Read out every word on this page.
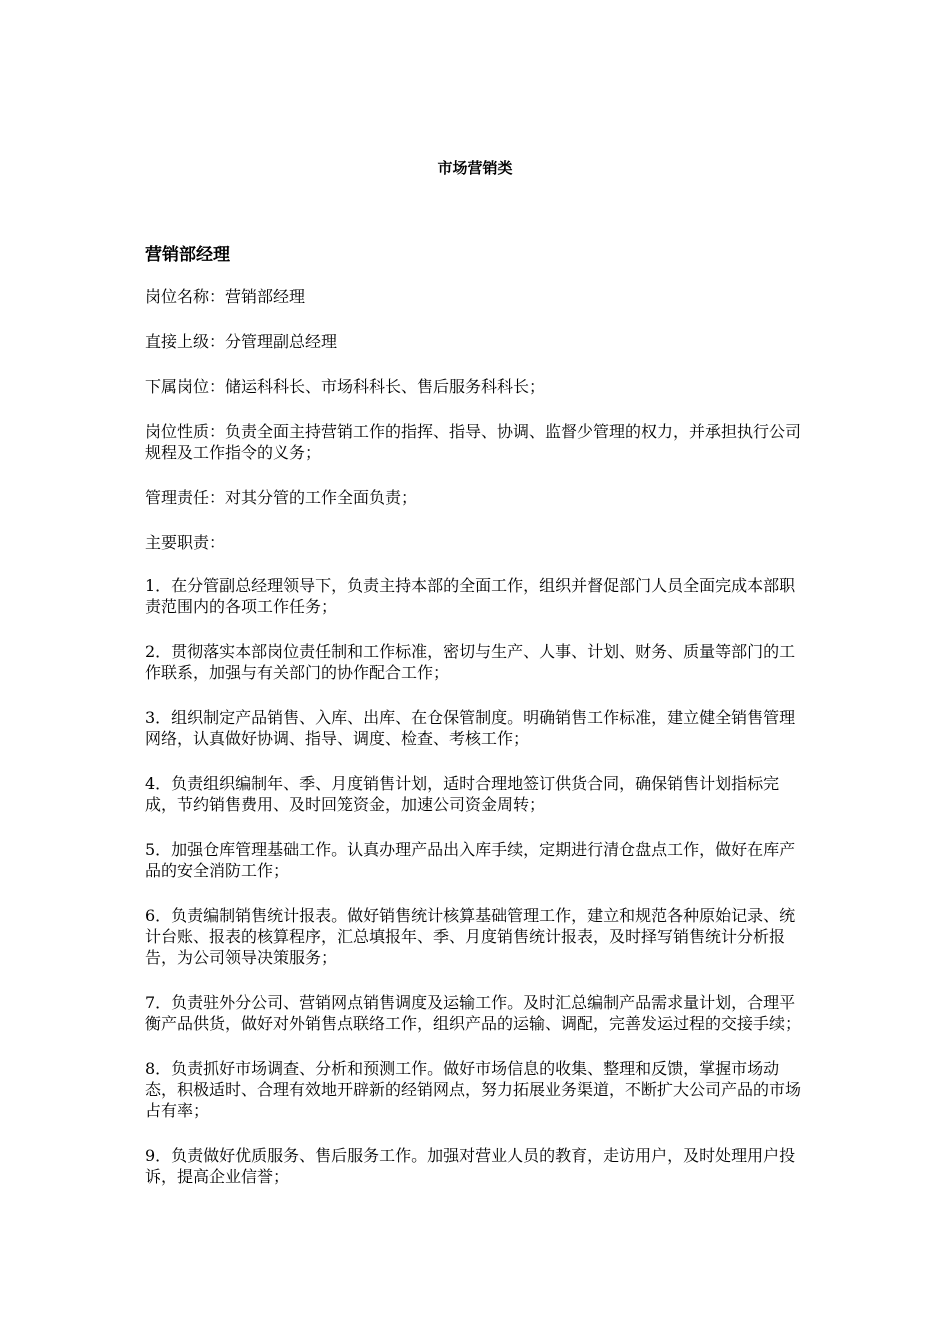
市场营销类
营销部经理

岗位名称：营销部经理

直接上级：分管理副总经理

下属岗位：储运科科长、市场科科长、售后服务科科长；

岗位性质：负责全面主持营销工作的指挥、指导、协调、监督少管理的权力，并承担执行公司规程及工作指令的义务；

管理责任：对其分管的工作全面负责；

主要职责：

1．在分管副总经理领导下，负责主持本部的全面工作，组织并督促部门人员全面完成本部职责范围内的各项工作任务；

2．贯彻落实本部岗位责任制和工作标准，密切与生产、人事、计划、财务、质量等部门的工作联系，加强与有关部门的协作配合工作；

3．组织制定产品销售、入库、出库、在仓保管制度。明确销售工作标准，建立健全销售管理网络，认真做好协调、指导、调度、检查、考核工作；

4．负责组织编制年、季、月度销售计划，适时合理地签订供货合同，确保销售计划指标完成，节约销售费用、及时回笼资金，加速公司资金周转；

5．加强仓库管理基础工作。认真办理产品出入库手续，定期进行清仓盘点工作，做好在库产品的安全消防工作；

6．负责编制销售统计报表。做好销售统计核算基础管理工作，建立和规范各种原始记录、统计台账、报表的核算程序，汇总填报年、季、月度销售统计报表，及时择写销售统计分析报告，为公司领导决策服务；

7．负责驻外分公司、营销网点销售调度及运输工作。及时汇总编制产品需求量计划，合理平衡产品供货，做好对外销售点联络工作，组织产品的运输、调配，完善发运过程的交接手续；

8．负责抓好市场调查、分析和预测工作。做好市场信息的收集、整理和反馈，掌握市场动态，积极适时、合理有效地开辟新的经销网点，努力拓展业务渠道，不断扩大公司产品的市场占有率；

9．负责做好优质服务、售后服务工作。加强对营业人员的教育，走访用户，及时处理用户投诉，提高企业信誉；
